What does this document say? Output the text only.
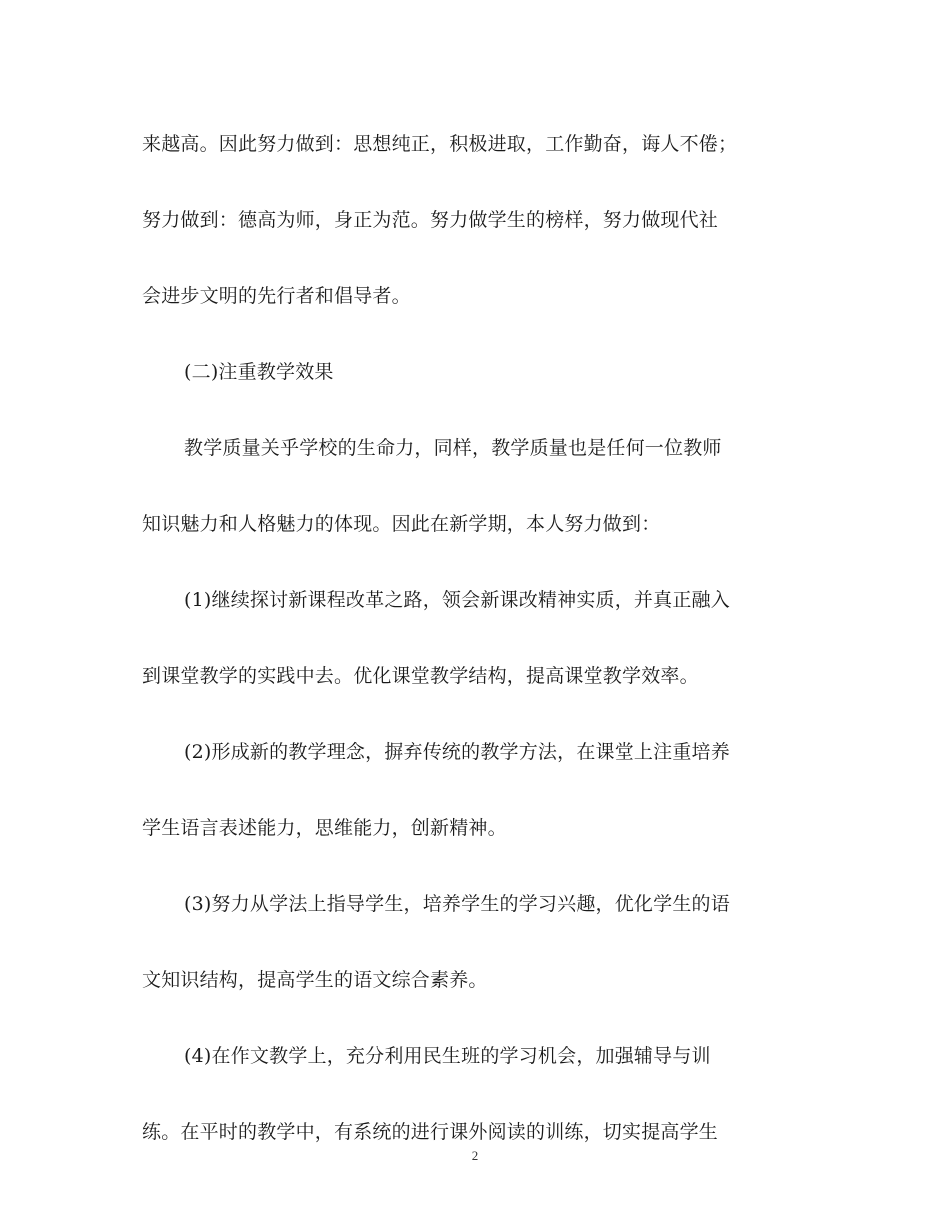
来越高。因此努力做到：思想纯正，积极进取，工作勤奋，诲人不倦；
努力做到：德高为师，身正为范。努力做学生的榜样，努力做现代社
会进步文明的先行者和倡导者。
(二)注重教学效果
教学质量关乎学校的生命力，同样，教学质量也是任何一位教师
知识魅力和人格魅力的体现。因此在新学期，本人努力做到：
(1)继续探讨新课程改革之路，领会新课改精神实质，并真正融入
到课堂教学的实践中去。优化课堂教学结构，提高课堂教学效率。
(2)形成新的教学理念，摒弃传统的教学方法，在课堂上注重培养
学生语言表述能力，思维能力，创新精神。
(3)努力从学法上指导学生，培养学生的学习兴趣，优化学生的语
文知识结构，提高学生的语文综合素养。
(4)在作文教学上，充分利用民生班的学习机会，加强辅导与训
练。在平时的教学中，有系统的进行课外阅读的训练，切实提高学生
2
